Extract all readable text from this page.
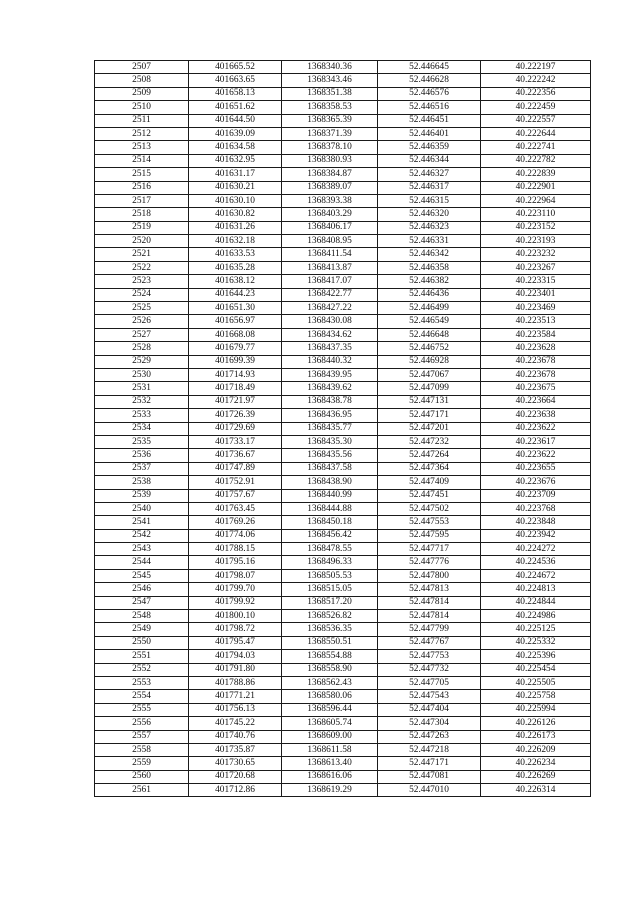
2507	401665.52	1368340.36	52.446645	40.222197
2508	401663.65	1368343.46	52.446628	40.222242
2509	401658.13	1368351.38	52.446576	40.222356
2510	401651.62	1368358.53	52.446516	40.222459
2511	401644.50	1368365.39	52.446451	40.222557
2512	401639.09	1368371.39	52.446401	40.222644
2513	401634.58	1368378.10	52.446359	40.222741
2514	401632.95	1368380.93	52.446344	40.222782
2515	401631.17	1368384.87	52.446327	40.222839
2516	401630.21	1368389.07	52.446317	40.222901
2517	401630.10	1368393.38	52.446315	40.222964
2518	401630.82	1368403.29	52.446320	40.223110
2519	401631.26	1368406.17	52.446323	40.223152
2520	401632.18	1368408.95	52.446331	40.223193
2521	401633.53	1368411.54	52.446342	40.223232
2522	401635.28	1368413.87	52.446358	40.223267
2523	401638.12	1368417.07	52.446382	40.223315
2524	401644.23	1368422.77	52.446436	40.223401
2525	401651.30	1368427.22	52.446499	40.223469
2526	401656.97	1368430.08	52.446549	40.223513
2527	401668.08	1368434.62	52.446648	40.223584
2528	401679.77	1368437.35	52.446752	40.223628
2529	401699.39	1368440.32	52.446928	40.223678
2530	401714.93	1368439.95	52.447067	40.223678
2531	401718.49	1368439.62	52.447099	40.223675
2532	401721.97	1368438.78	52.447131	40.223664
2533	401726.39	1368436.95	52.447171	40.223638
2534	401729.69	1368435.77	52.447201	40.223622
2535	401733.17	1368435.30	52.447232	40.223617
2536	401736.67	1368435.56	52.447264	40.223622
2537	401747.89	1368437.58	52.447364	40.223655
2538	401752.91	1368438.90	52.447409	40.223676
2539	401757.67	1368440.99	52.447451	40.223709
2540	401763.45	1368444.88	52.447502	40.223768
2541	401769.26	1368450.18	52.447553	40.223848
2542	401774.06	1368456.42	52.447595	40.223942
2543	401788.15	1368478.55	52.447717	40.224272
2544	401795.16	1368496.33	52.447776	40.224536
2545	401798.07	1368505.53	52.447800	40.224672
2546	401799.70	1368515.05	52.447813	40.224813
2547	401799.92	1368517.20	52.447814	40.224844
2548	401800.10	1368526.82	52.447814	40.224986
2549	401798.72	1368536.35	52.447799	40.225125
2550	401795.47	1368550.51	52.447767	40.225332
2551	401794.03	1368554.88	52.447753	40.225396
2552	401791.80	1368558.90	52.447732	40.225454
2553	401788.86	1368562.43	52.447705	40.225505
2554	401771.21	1368580.06	52.447543	40.225758
2555	401756.13	1368596.44	52.447404	40.225994
2556	401745.22	1368605.74	52.447304	40.226126
2557	401740.76	1368609.00	52.447263	40.226173
2558	401735.87	1368611.58	52.447218	40.226209
2559	401730.65	1368613.40	52.447171	40.226234
2560	401720.68	1368616.06	52.447081	40.226269
2561	401712.86	1368619.29	52.447010	40.226314
